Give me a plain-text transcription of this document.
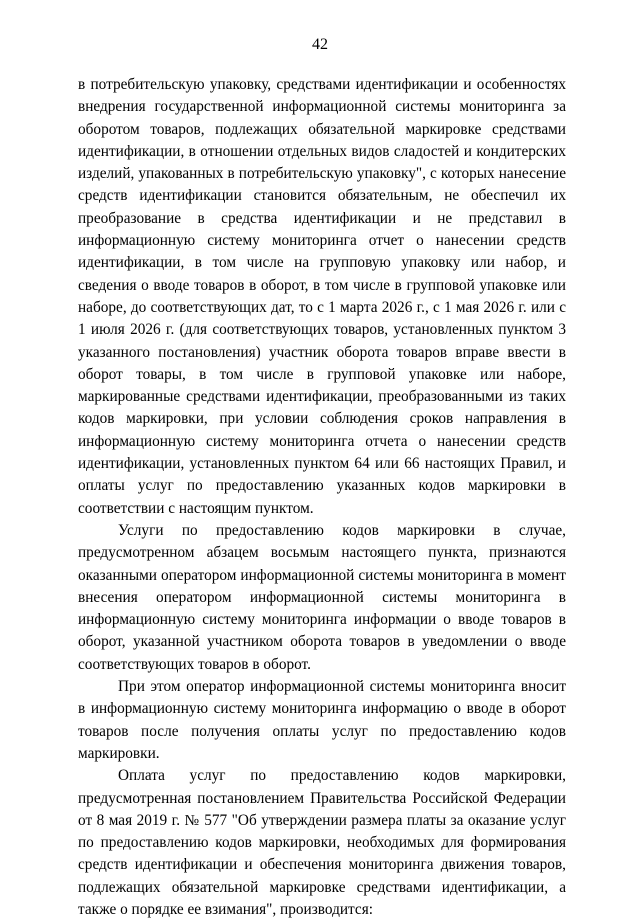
42

в потребительскую упаковку, средствами идентификации и особенностях внедрения государственной информационной системы мониторинга за оборотом товаров, подлежащих обязательной маркировке средствами идентификации, в отношении отдельных видов сладостей и кондитерских изделий, упакованных в потребительскую упаковку", с которых нанесение средств идентификации становится обязательным, не обеспечил их преобразование в средства идентификации и не представил в информационную систему мониторинга отчет о нанесении средств идентификации, в том числе на групповую упаковку или набор, и сведения о вводе товаров в оборот, в том числе в групповой упаковке или наборе, до соответствующих дат, то с 1 марта 2026 г., с 1 мая 2026 г. или с 1 июля 2026 г. (для соответствующих товаров, установленных пунктом 3 указанного постановления) участник оборота товаров вправе ввести в оборот товары, в том числе в групповой упаковке или наборе, маркированные средствами идентификации, преобразованными из таких кодов маркировки, при условии соблюдения сроков направления в информационную систему мониторинга отчета о нанесении средств идентификации, установленных пунктом 64 или 66 настоящих Правил, и оплаты услуг по предоставлению указанных кодов маркировки в соответствии с настоящим пунктом.

Услуги по предоставлению кодов маркировки в случае, предусмотренном абзацем восьмым настоящего пункта, признаются оказанными оператором информационной системы мониторинга в момент внесения оператором информационной системы мониторинга в информационную систему мониторинга информации о вводе товаров в оборот, указанной участником оборота товаров в уведомлении о вводе соответствующих товаров в оборот.

При этом оператор информационной системы мониторинга вносит в информационную систему мониторинга информацию о вводе в оборот товаров после получения оплаты услуг по предоставлению кодов маркировки.

Оплата услуг по предоставлению кодов маркировки, предусмотренная постановлением Правительства Российской Федерации от 8 мая 2019 г. № 577 "Об утверждении размера платы за оказание услуг по предоставлению кодов маркировки, необходимых для формирования средств идентификации и обеспечения мониторинга движения товаров, подлежащих обязательной маркировке средствами идентификации, а также о порядке ее взимания", производится:
